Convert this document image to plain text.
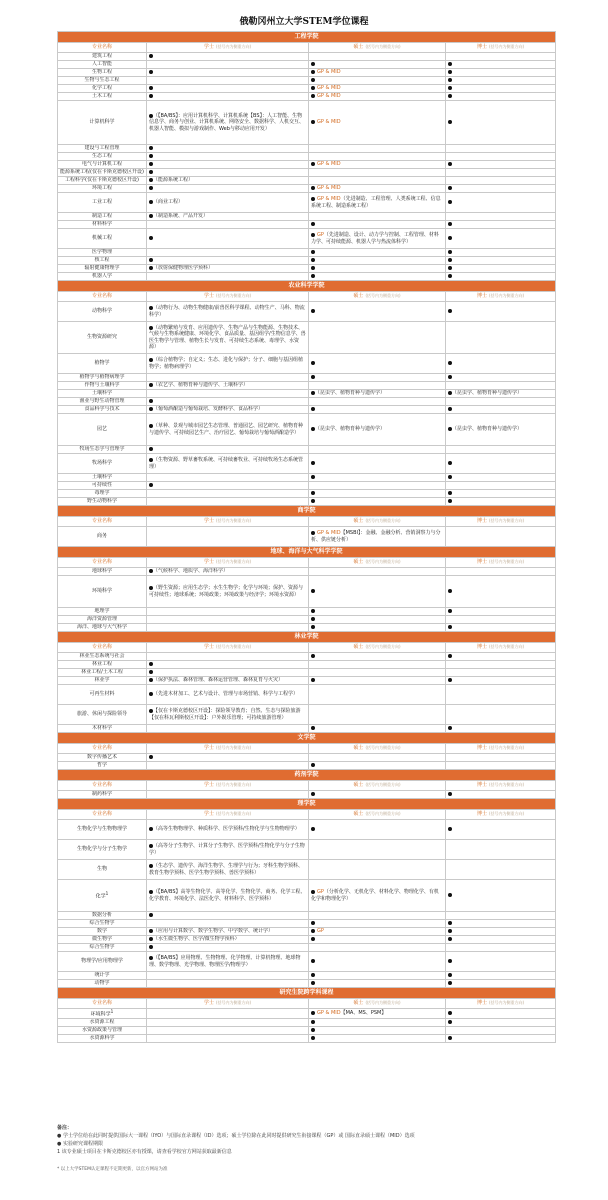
俄勒冈州立大学STEM学位课程
工程学院			
专业名称	学士 (括号内为侧重方向)	硕士 (括号内为侧重方向)	博士 (括号内为侧重方向)
建筑工程			
人工智能			
生物工程		GP & MID	
生物与生态工程			
化学工程		GP & MID	
土木工程		GP & MID	
计算机科学	（【BA/BS】：应用计算机科学、计算机系统【BS】：人工智能、生物信息学、商务与创业、计算机系统、网络安全、数据科学、人机交互、机器人智能、模拟与游戏制作、Web与移动应用开发）	GP & MID	
建设与工程管理			
生态工程			
电气与计算机工程		GP & MID	
能源系统工程(仅在卡斯克德校区开设)			
工程科学(仅在卡斯克德校区开设)	（能源系统工程）		
环境工程		GP & MID	
工业工程	（商业工程）	GP & MID（先进制造、工程管理、人类系统工程、信息系统工程、制造系统工程）	
制造工程	（制造系统、产品开发）		
材料科学			
机械工程		GP（先进制造、设计、动力学与控制、工程管理、材料力学、可持续能源、机器人学与热流体科学）	
医学物理			
核工程			
辐射健康物理学	（放射保健物理医学预科）		
机器人学			
农业科学学院			
专业名称	学士 (括号内为侧重方向)	硕士 (括号内为侧重方向)	博士 (括号内为侧重方向)
动物科学	（动物行为、动物生物健康/前兽医科学课程、动物生产、马科、物流科学）		
生物资源研究	（动物繁殖与发育、应用遗传学、生物产品与生物能源、生物技术、气候与生物系统健康、环境化学、食品质量、基因组学/生物信息学、兽医生物学与管理、植物生长与发育、可持续生态系统、毒理学、水资源）		
植物学	（综合植物学；自定义；生态、进化与保护；分子、细胞与基因组植物学；植物病理学）		
植物学与植物病理学			
作物与土壤科学	（农艺学、植物育种与遗传学、土壤科学）		
土壤科学		（昆虫学、植物育种与遗传学）	（昆虫学、植物育种与遗传学）
渔业与野生动物管理			
食品科学与技术	（葡萄酒酿造与葡萄栽培、发酵科学、食品科学）		
园艺	（草种、景观与城市园艺生态管理、普通园艺、园艺研究、植物育种与遗传学、可持续园艺生产、治疗园艺、葡萄栽培与葡萄酒酿造学）	（昆虫学、植物育种与遗传学）	（昆虫学、植物育种与遗传学）
牧场生态学与管理学			
牧场科学	（生物资源、野草畜牧系统、可持续畜牧业、可持续牧场生态系统管理）		
土壤科学			
可持续性			
毒理学			
野生动物科学			
商学院			
专业名称	学士 (括号内为侧重方向)	硕士 (括号内为侧重方向)	博士 (括号内为侧重方向)
商务		GP & MID【MSBI】：金融、金融分析、营销洞察力与分析、供应链分析）	
地球、海洋与大气科学学院			
专业名称	学士 (括号内为侧重方向)	硕士 (括号内为侧重方向)	博士 (括号内为侧重方向)
地球科学	（气候科学、地质学、海洋科学）		
环境科学	（野生资源；应用生态学；水生生物学；化学与环境；保护、资源与可持续性；地球系统；环境政策；环境政策与经济学；环境水资源）		
地理学			
海洋资源管理			
海洋、地球与大气科学			
林业学院			
专业名称	学士 (括号内为侧重方向)	硕士 (括号内为侧重方向)	博士 (括号内为侧重方向)
林业生态系统与社会			
林业工程			
林业工程/土木工程			
林业学	（保护执法、森林管理、森林运营管理、森林复育与火灾）		
可再生材料	（先进木材加工、艺术与设计、管理与市场营销、科学与工程学）		
旅游、休闲与探险领导	【仅在卡斯克德校区开设】：探险领导教育；自然、生态与探险旅游【仅在科瓦利斯校区开设】：户外娱乐管理；可持续旅游管理）		
木材科学			
文学院			
专业名称	学士 (括号内为侧重方向)	硕士 (括号内为侧重方向)	博士 (括号内为侧重方向)
数字传播艺术			
哲学			
药剂学院			
专业名称	学士 (括号内为侧重方向)	硕士 (括号内为侧重方向)	博士 (括号内为侧重方向)
制药科学			
理学院			
专业名称	学士 (括号内为侧重方向)	硕士 (括号内为侧重方向)	博士 (括号内为侧重方向)
生物化学与生物物理学	（高等生物物理学、种质科学、医学预科/生物化学与生物物理学）		
生物化学与分子生物学	（高等分子生物学、计算分子生物学、医学预科/生物化学与分子生物学）		
生物	（生态学、遗传学、海洋生物学、生理学与行为；牙科生物学预科、教育生物学预科、医学生物学预科、兽医学预科）		
化学$^1$	（【BA/BS】高等生物化学、高等化学、生物化学、商务、化学工程、化学教育、环境化学、法医化学、材料科学、医学预科）	GP（分析化学、无机化学、材料化学、物理化学、有机化学和物理化学）	
数据分析			
综合生物学			
数学	（应用与计算数学、数学生物学、中学数学、统计学）	GP	
微生物学	（水生微生物学、医学/微生物学预科）		
综合生物学			
物理学/应用物理学	（【BA/BS】应用物理、生物物理、化学物理、计算机物理、地球物理、数学物理、光学物理、物理医学/物理学）		
统计学			
动物学			
研究生院跨学科课程			
专业名称	学士 (括号内为侧重方向)	硕士 (括号内为侧重方向)	博士 (括号内为侧重方向)
环境科学$^1$		GP & MID【MA、MS、PSM】	
水资源工程			
水资源政策与管理			
水资源科学			
备注：
● 学士学位给在此同时提供国际大一课程（IYO）与国际直录课程（ID）选项；硕士学位除在此同时提供研究生衔接课程（GP）或 国际直录硕士课程（MID）选项
● 实验研究课程期限
1 该专业硕士项目在卡斯克德校区亦有授课，请查看学校官方网站获取最新信息
* 以上大学STEM认定课程不定期更新，以官方网站为准
